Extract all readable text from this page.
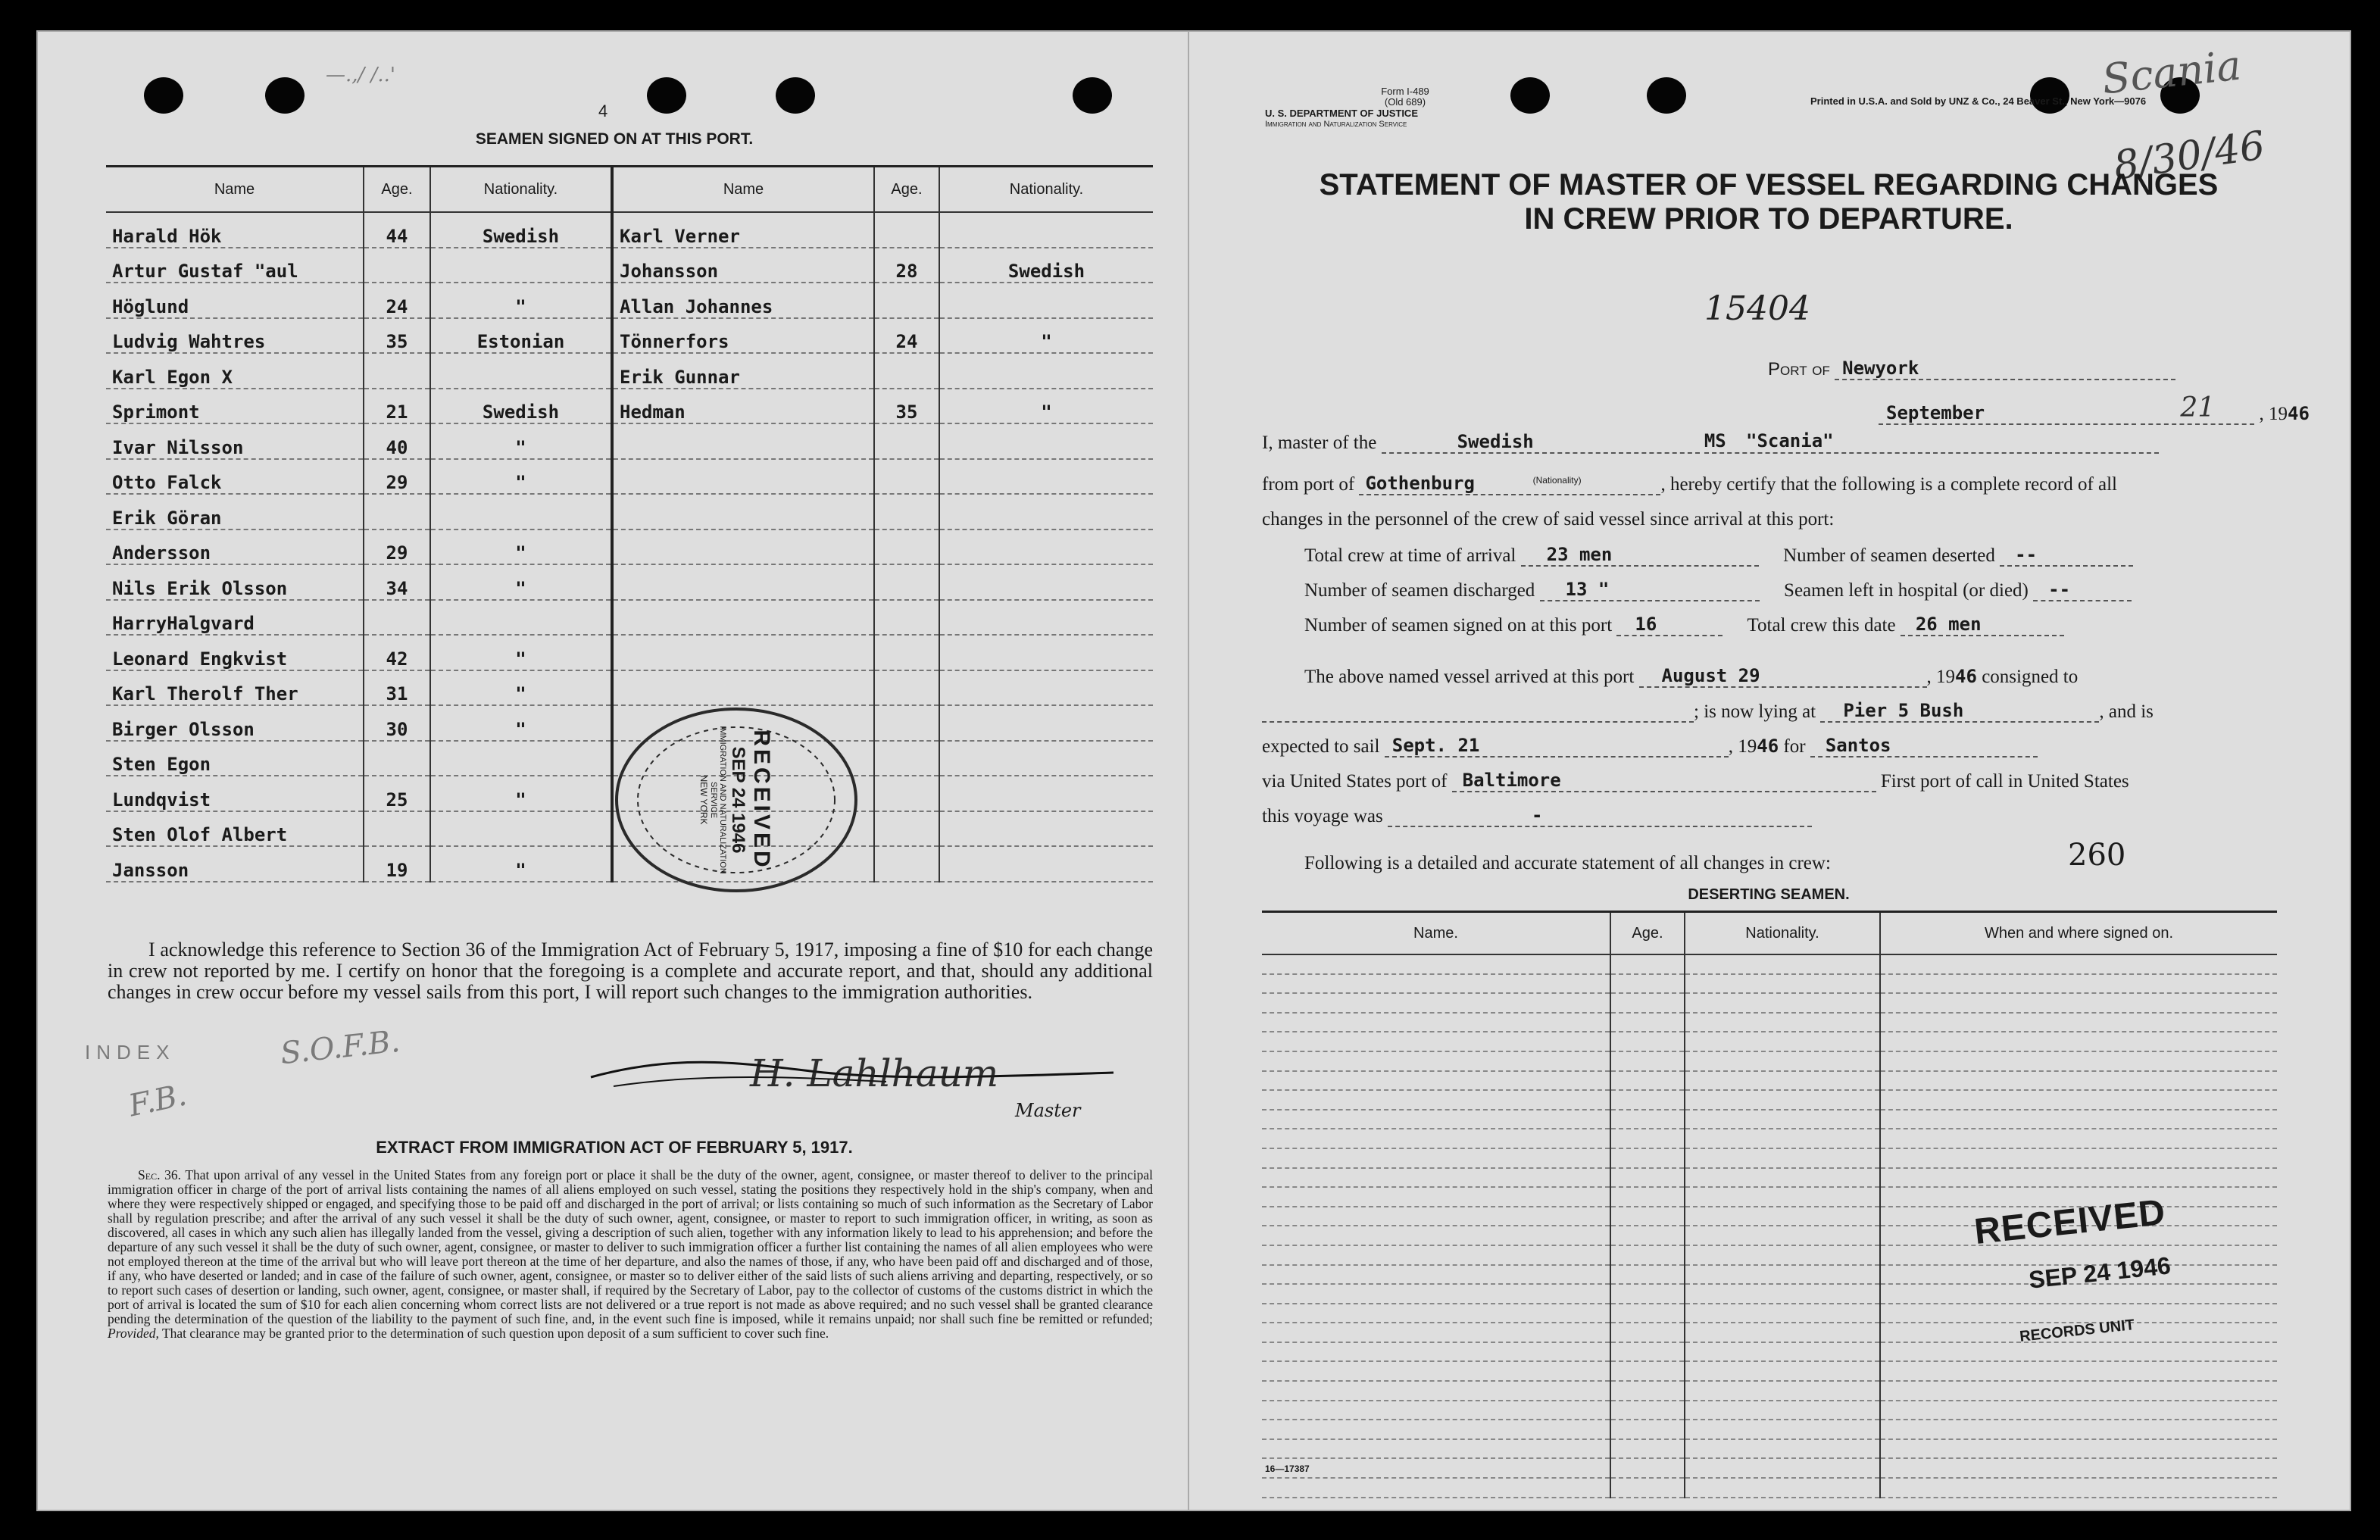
—.,/ /..'
4
SEAMEN SIGNED ON AT THIS PORT.
Name	Age.	Nationality.	Name	Age.	Nationality.
Harald Hök	44	Swedish	Karl Verner		
Artur Gustaf "aul			Johansson	28	Swedish
Höglund	24	"	Allan Johannes		
Ludvig Wahtres	35	Estonian	Tönnerfors	24	"
Karl Egon X			Erik Gunnar		
Sprimont	21	Swedish	Hedman	35	"
Ivar Nilsson	40	"			
Otto Falck	29	"			
Erik Göran					
Andersson	29	"			
Nils Erik Olsson	34	"			
HarryHalgvard					
Leonard Engkvist	42	"			
Karl Therolf Ther	31	"			
Birger Olsson	30	"			
Sten Egon					
Lundqvist	25	"			
Sten Olof Albert					
Jansson	19	"			
I acknowledge this reference to Section 36 of the Immigration Act of February 5, 1917, imposing a fine of $10 for each change in crew not reported by me. I certify on honor that the foregoing is a complete and accurate report, and that, should any additional changes in crew occur before my vessel sails from this port, I will report such changes to the immigration authorities.
INDEX	S.O.F.B.
F.B.
H. Lahlhaum
Master
EXTRACT FROM IMMIGRATION ACT OF FEBRUARY 5, 1917.
Sec. 36. That upon arrival of any vessel in the United States from any foreign port or place it shall be the duty of the owner, agent, consignee, or master thereof to deliver to the principal immigration officer in charge of the port of arrival lists containing the names of all aliens employed on such vessel, stating the positions they respectively hold in the ship's company, when and where they were respectively shipped or engaged, and specifying those to be paid off and discharged in the port of arrival; or lists containing so much of such information as the Secretary of Labor shall by regulation prescribe; and after the arrival of any such vessel it shall be the duty of such owner, agent, consignee, or master to report to such immigration officer, in writing, as soon as discovered, all cases in which any such alien has illegally landed from the vessel, giving a description of such alien, together with any information likely to lead to his apprehension; and before the departure of any such vessel it shall be the duty of such owner, agent, consignee, or master to deliver to such immigration officer a further list containing the names of all alien employees who were not employed thereon at the time of the arrival but who will leave port thereon at the time of her departure, and also the names of those, if any, who have been paid off and discharged and of those, if any, who have deserted or landed; and in case of the failure of such owner, agent, consignee, or master so to deliver either of the said lists of such aliens arriving and departing, respectively, or so to report such cases of desertion or landing, such owner, agent, consignee, or master shall, if required by the Secretary of Labor, pay to the collector of customs of the customs district in which the port of arrival is located the sum of $10 for each alien concerning whom correct lists are not delivered or a true report is not made as above required; and no such vessel shall be granted clearance pending the determination of the question of the liability to the payment of such fine, and, in the event such fine is imposed, while it remains unpaid; nor shall such fine be remitted or refunded; Provided, That clearance may be granted prior to the determination of such question upon deposit of a sum sufficient to cover such fine.
RECEIVED
SEP 24 1946
IMMIGRATION AND NATURALIZATION SERVICE
NEW YORK
Form I-489
(Old 689)
U. S. DEPARTMENT OF JUSTICE
Immigration and Naturalization Service
Printed in U.S.A. and Sold by UNZ & Co., 24 Beaver St., New York—9076
Scania
8/30/46
STATEMENT OF MASTER OF VESSEL REGARDING CHANGES
IN CREW PRIOR TO DEPARTURE.
15404
Port of Newyork
September	21 , 1946
I, master of the	Swedish
(Nationality)
MS "Scania"
from port of Gothenburg	, hereby certify that the following is a complete record of all
changes in the personnel of the crew of said vessel since arrival at this port:
Total crew at time of arrival 23 men	Number of seamen deserted --
Number of seamen discharged 13 "	Seamen left in hospital (or died) --
Number of seamen signed on at this port 16	Total crew this date 26 men
The above named vessel arrived at this port August 29	, 1946 consigned to
; is now lying at Pier 5 Bush	, and is
expected to sail Sept. 21	, 1946 for Santos
via United States port of Baltimore	First port of call in United States
this voyage was	-
Following is a detailed and accurate statement of all changes in crew:	260
DESERTING SEAMEN.
Name.	Age.	Nationality.	When and where signed on.

RECEIVED
SEP 24 1946
RECORDS UNIT
16—17387
